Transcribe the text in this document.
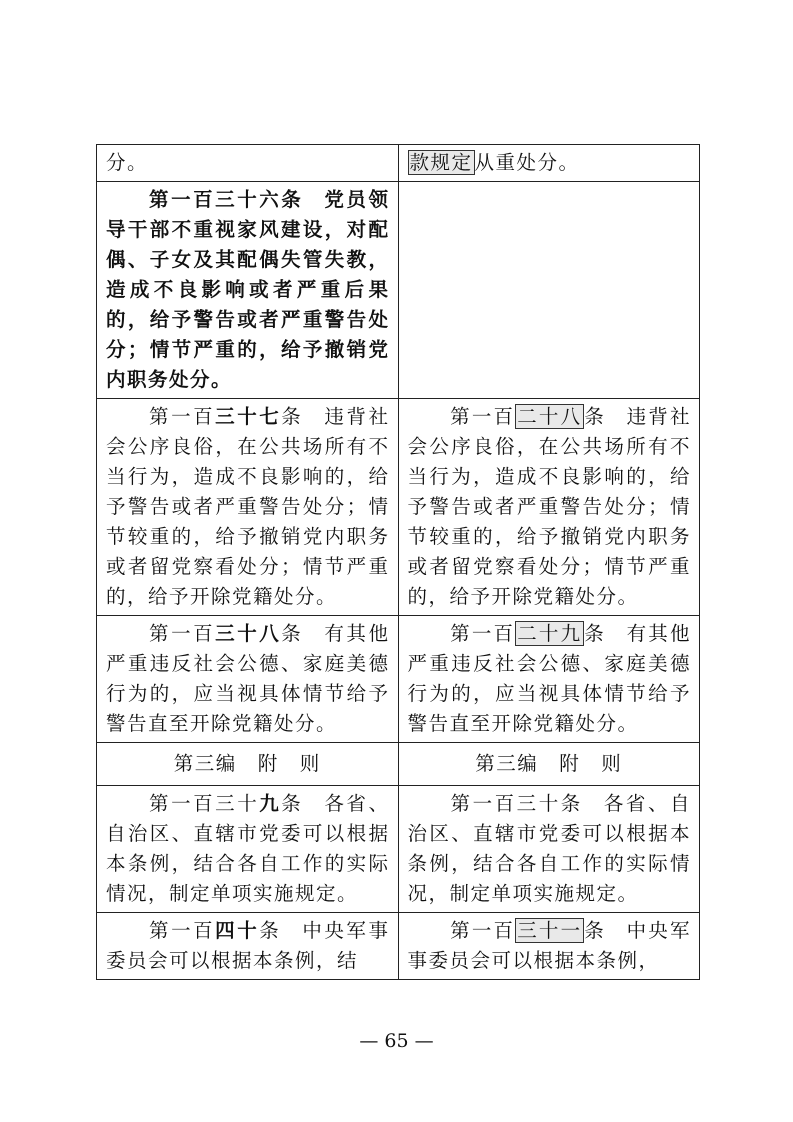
分。	款规定 从重处分。
第一百三十六条 党员领导干部不重视家风建设，对配偶、子女及其配偶失管失教，造成不良影响或者严重后果的，给予警告或者严重警告处分；情节严重的，给予撤销党内职务处分。	
第一百三十七条 违背社会公序良俗，在公共场所有不当行为，造成不良影响的，给予警告或者严重警告处分；情节较重的，给予撤销党内职务或者留党察看处分；情节严重的，给予开除党籍处分。	第一百 二十八 条 违背社会公序良俗，在公共场所有不当行为，造成不良影响的，给予警告或者严重警告处分；情节较重的，给予撤销党内职务或者留党察看处分；情节严重的，给予开除党籍处分。
第一百三十八条 有其他严重违反社会公德、家庭美德行为的，应当视具体情节给予警告直至开除党籍处分。	第一百 二十九 条 有其他严重违反社会公德、家庭美德行为的，应当视具体情节给予警告直至开除党籍处分。
第三编　附　则	第三编　附　则
第一百三十九条 各省、自治区、直辖市党委可以根据本条例，结合各自工作的实际情况，制定单项实施规定。	第一百三十条 各省、自治区、直辖市党委可以根据本条例，结合各自工作的实际情况，制定单项实施规定。
第一百四十条 中央军事委员会可以根据本条例，结	第一百 三十一 条 中央军事委员会可以根据本条例，
— 65 —
